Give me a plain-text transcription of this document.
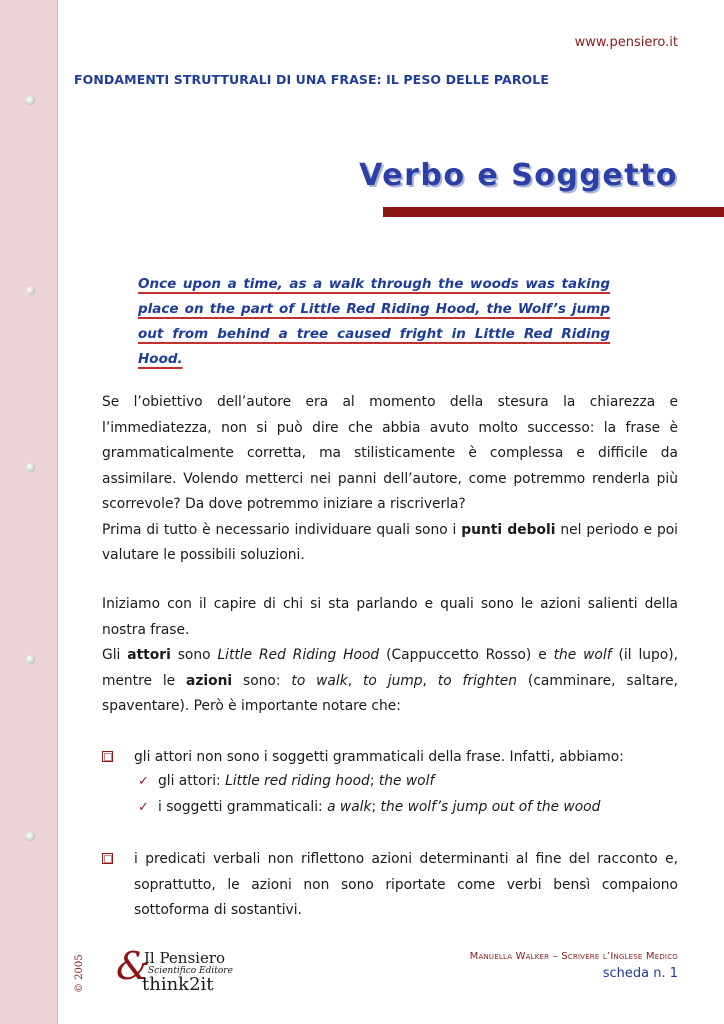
www.pensiero.it
FONDAMENTI STRUTTURALI DI UNA FRASE: IL PESO DELLE PAROLE
Verbo e Soggetto
Once upon a time, as a walk through the woods was taking place on the part of Little Red Riding Hood, the Wolf’s jump out from behind a tree caused fright in Little Red Riding Hood.
Se l’obiettivo dell’autore era al momento della stesura la chiarezza e l’immediatezza, non si può dire che abbia avuto molto successo: la frase è grammaticalmente corretta, ma stilisticamente è complessa e difficile da assimilare. Volendo metterci nei panni dell’autore, come potremmo renderla più scorrevole? Da dove potremmo iniziare a riscriverla?
Prima di tutto è necessario individuare quali sono i punti deboli nel periodo e poi valutare le possibili soluzioni.
Iniziamo con il capire di chi si sta parlando e quali sono le azioni salienti della nostra frase.
Gli attori sono Little Red Riding Hood (Cappuccetto Rosso) e the wolf (il lupo), mentre le azioni sono: to walk, to jump, to frighten (camminare, saltare, spaventare). Però è importante notare che:
gli attori non sono i soggetti grammaticali della frase. Infatti, abbiamo:
✓ gli attori: Little red riding hood; the wolf
✓ i soggetti grammaticali: a walk; the wolf’s jump out of the wood
i predicati verbali non riflettono azioni determinanti al fine del racconto e, soprattutto, le azioni non sono riportate come verbi bensì compaiono sottoforma di sostantivi.
© 2005 &
Il Pensiero
Scientifico Editore
think2it
Manuella Walker – Scrivere l’Inglese Medico
scheda n. 1
